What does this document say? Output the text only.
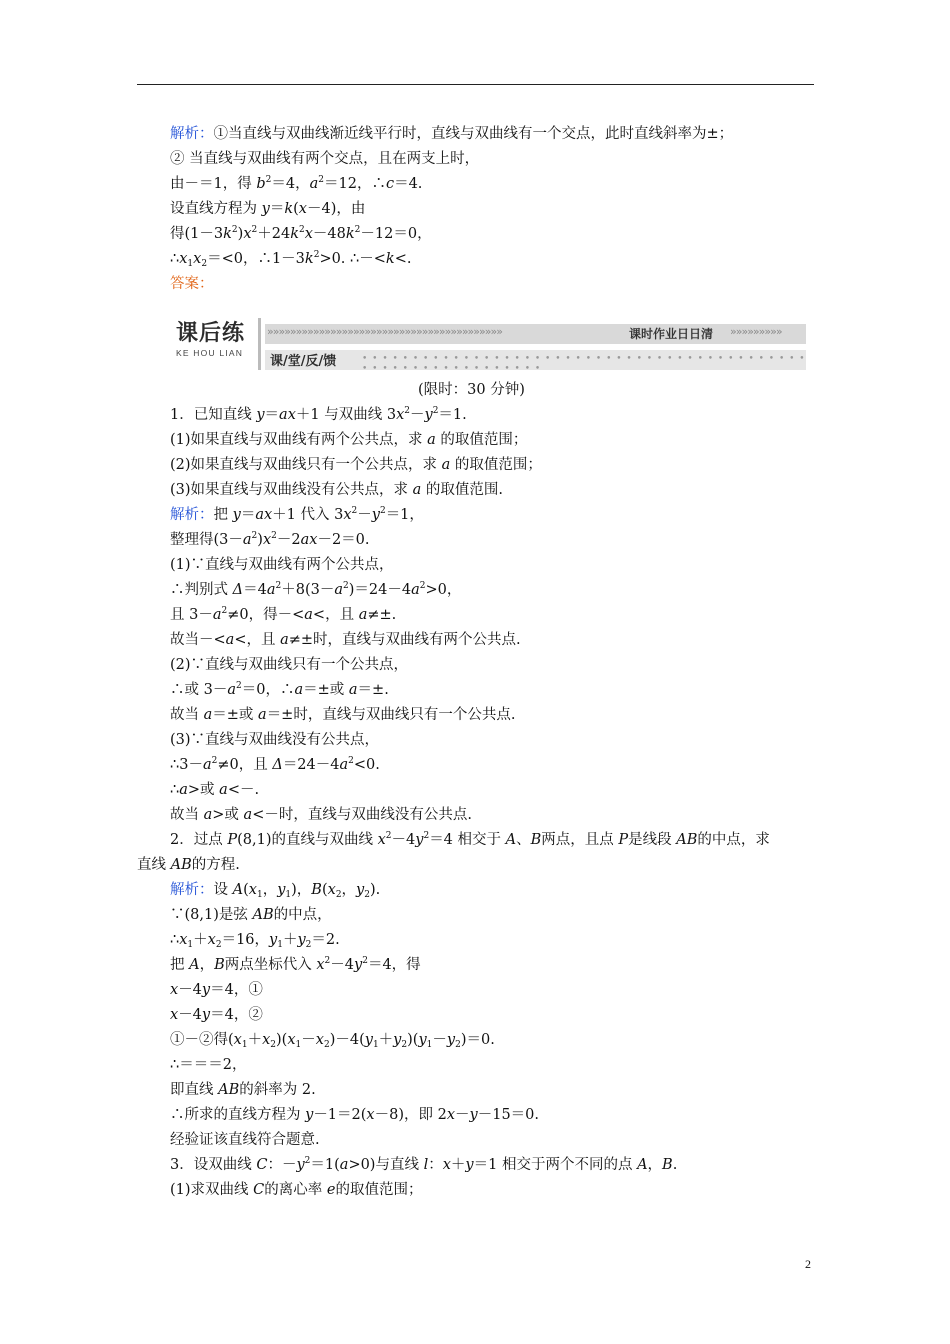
解析：①当直线与双曲线渐近线平行时，直线与双曲线有一个交点，此时直线斜率为±；
② 当直线与双曲线有两个交点，且在两支上时，
由－＝1，得 $b^2=4$，$a^2=12$，∴c＝4.
设直线方程为 y＝k(x－4)，由
得$(1-3k^2)x^2+24k^2x-48k^2-12=0$，
$\therefore x_1x_2=<0$，$\therefore 1-3k^2>0$. ∴－<k<.
答案：
课后练
KE HOU LIAN
»»»»»»»»»»»»»»»»»»»»»»»»»»»»»»»»»»»»»»»»»	课时作业日日清	»»»»»»»»»
课/堂/反/馈	• • • • • • • • • • • • • • • • • • • • • • • • • • • • • • • • • • • • • • • • • • • • • • • • • • • • • • • • • • • • • •
(限时：30 分钟)
1．已知直线 y＝ax＋1 与双曲线 $3x^2-y^2=1$.
(1)如果直线与双曲线有两个公共点，求 a 的取值范围；
(2)如果直线与双曲线只有一个公共点，求 a 的取值范围；
(3)如果直线与双曲线没有公共点，求 a 的取值范围.
解析：把 y＝ax＋1 代入 $3x^2-y^2=1$，
整理得$(3-a^2)x^2-2ax-2=0$.
(1)∵直线与双曲线有两个公共点，
∴判别式 $\Delta=4a^2+8(3-a^2)=24-4a^2>0$，
且 $3-a^2\ne 0$，得－<a<，且 a≠±.
故当－<a<，且 a≠±时，直线与双曲线有两个公共点.
(2)∵直线与双曲线只有一个公共点，
∴或 $3-a^2=0$，∴a＝±或 a＝±.
故当 a＝±或 a＝±时，直线与双曲线只有一个公共点.
(3)∵直线与双曲线没有公共点，
$\therefore 3-a^2\ne 0$，且 $\Delta=24-4a^2<0$.
∴a>或 a<－.
故当 a>或 a<－时，直线与双曲线没有公共点.
2．过点 P(8,1)的直线与双曲线 $x^2-4y^2=4$ 相交于 A、B两点，且点 P是线段 AB的中点，求
直线 AB的方程.
解析：设 $A(x_1$，$y_1$)，$B(x_2$，$y_2$).
∵(8,1)是弦 AB的中点，
$\therefore x_1+x_2=16$，$y_1+y_2=2$.
把 A，B两点坐标代入 $x^2-4y^2=4$，得
x－4y＝4，①
x－4y＝4，②
①－②得$(x_1+x_2)(x_1-x_2)-4(y_1+y_2)(y_1-y_2)=0$.
∴＝＝＝2，
即直线 AB的斜率为 2.
∴所求的直线方程为 y－1＝2(x－8)，即 2x－y－15＝0.
经验证该直线符合题意.
3．设双曲线 C：$-y^2=1(a>0)$与直线 l：x＋y＝1 相交于两个不同的点 A，B.
(1)求双曲线 C的离心率 e的取值范围；
2
